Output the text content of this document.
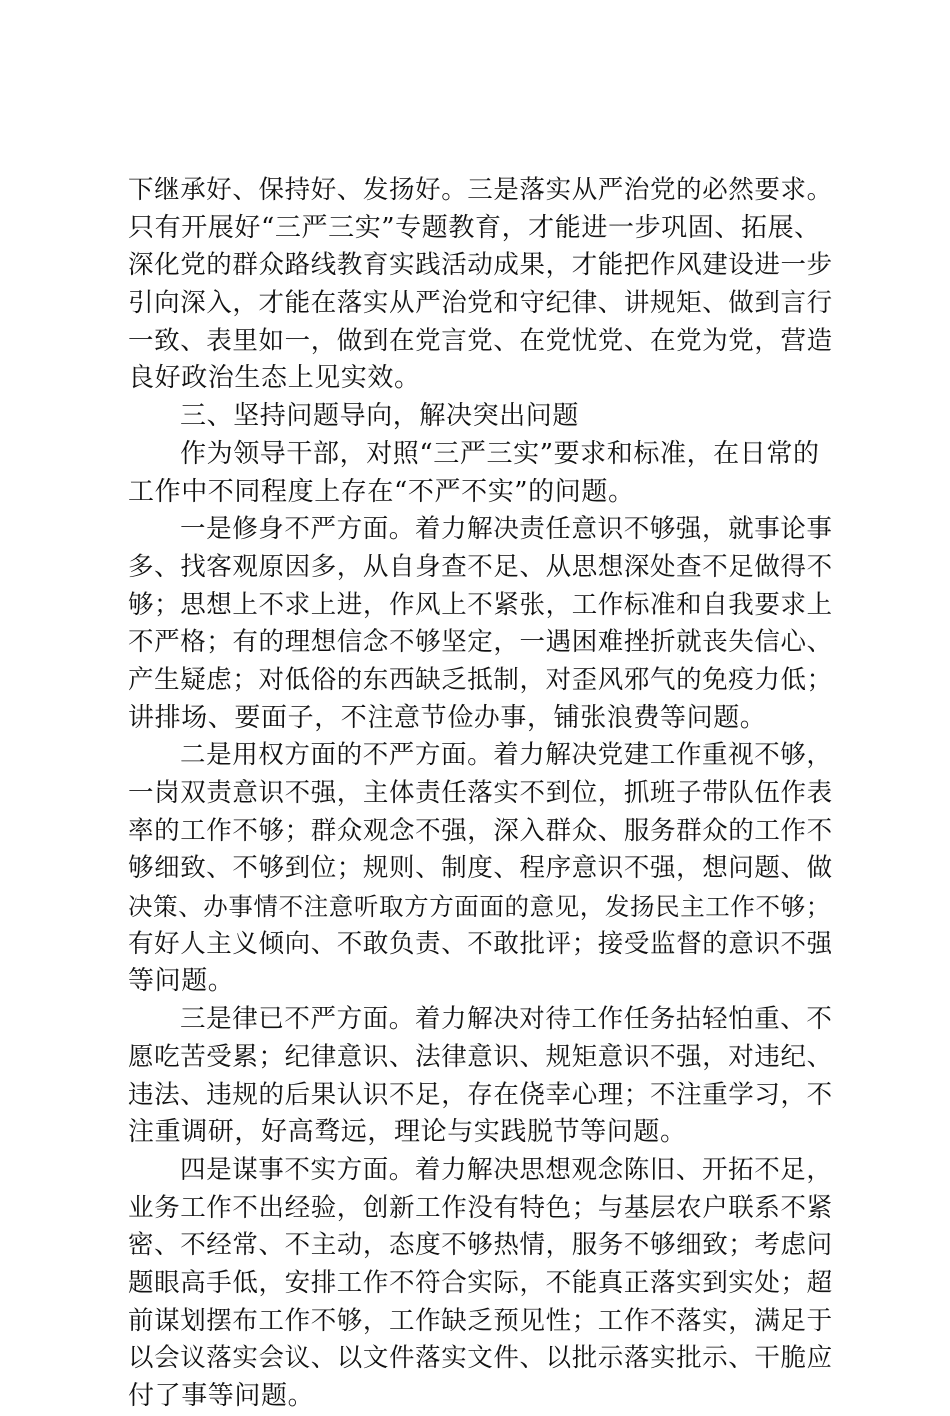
下继承好、保持好、发扬好。三是落实从严治党的必然要求。
只有开展好“三严三实”专题教育，才能进一步巩固、拓展、
深化党的群众路线教育实践活动成果，才能把作风建设进一步
引向深入，才能在落实从严治党和守纪律、讲规矩、做到言行
一致、表里如一，做到在党言党、在党忧党、在党为党，营造
良好政治生态上见实效。
三、坚持问题导向，解决突出问题
作为领导干部，对照“三严三实”要求和标准，在日常的
工作中不同程度上存在“不严不实”的问题。
一是修身不严方面。着力解决责任意识不够强，就事论事
多、找客观原因多，从自身查不足、从思想深处查不足做得不
够；思想上不求上进，作风上不紧张，工作标准和自我要求上
不严格；有的理想信念不够坚定，一遇困难挫折就丧失信心、
产生疑虑；对低俗的东西缺乏抵制，对歪风邪气的免疫力低；
讲排场、要面子，不注意节俭办事，铺张浪费等问题。
二是用权方面的不严方面。着力解决党建工作重视不够，
一岗双责意识不强，主体责任落实不到位，抓班子带队伍作表
率的工作不够；群众观念不强，深入群众、服务群众的工作不
够细致、不够到位；规则、制度、程序意识不强，想问题、做
决策、办事情不注意听取方方面面的意见，发扬民主工作不够；
有好人主义倾向、不敢负责、不敢批评；接受监督的意识不强
等问题。
三是律已不严方面。着力解决对待工作任务拈轻怕重、不
愿吃苦受累；纪律意识、法律意识、规矩意识不强，对违纪、
违法、违规的后果认识不足，存在侥幸心理；不注重学习，不
注重调研，好高骛远，理论与实践脱节等问题。
四是谋事不实方面。着力解决思想观念陈旧、开拓不足，
业务工作不出经验，创新工作没有特色；与基层农户联系不紧
密、不经常、不主动，态度不够热情，服务不够细致；考虑问
题眼高手低，安排工作不符合实际，不能真正落实到实处；超
前谋划摆布工作不够，工作缺乏预见性；工作不落实，满足于
以会议落实会议、以文件落实文件、以批示落实批示、干脆应
付了事等问题。
